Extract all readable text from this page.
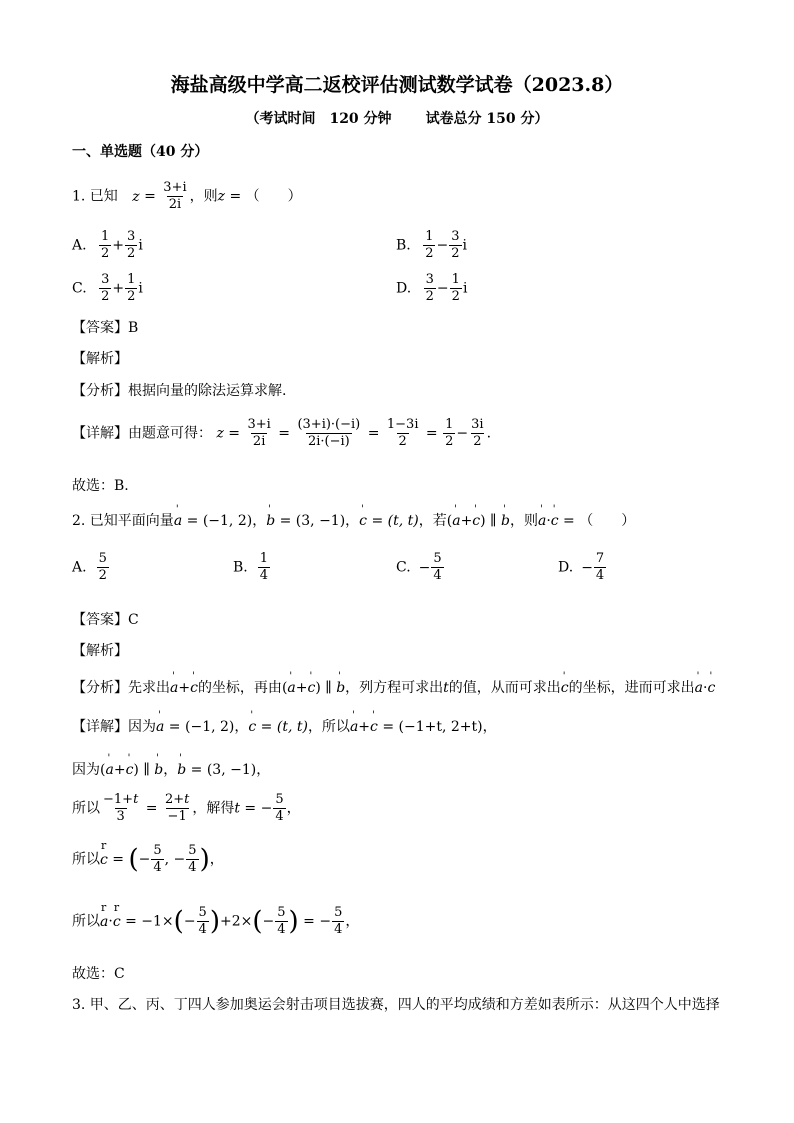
海盐高级中学高二返校评估测试数学试卷（2023.8）
（考试时间　120 分钟 试卷总分 150 分）
一、单选题（40 分）
1. 已知 $z = \frac{3+i}{2i}$ ，则z = （　　）
A. $\frac{1}{2} + \frac{3}{2}$ i	B. $\frac{1}{2} - \frac{3}{2}$ i
C. $\frac{3}{2} + \frac{1}{2}$ i	D. $\frac{3}{2} - \frac{1}{2}$ i
【答案】B
【解析】
【分析】根据向量的除法运算求解.
【详解】由题意可得： $z = \frac{3+i}{2i} = \frac{(3+i)\cdot(-i)}{2i\cdot(-i)} = \frac{1-3i}{2} = \frac{1}{2} - \frac{3i}{2}$ .
故选：B.
2. 已知平面向量' a = (−1, 2)，' b = (3, −1)，' c = (t, t)，若(' a+' c) ∥ ' b，则' a·' c = （　　）
A. $\frac{5}{2}$	B. $\frac{1}{4}$	C. − $\frac{5}{4}$	D. − $\frac{7}{4}$
【答案】C
【解析】
【分析】先求出' a+' c的坐标，再由(' a+' c) ∥ ' b，列方程可求出t的值，从而可求出' c的坐标，进而可求出' a·' c
【详解】因为' a = (−1, 2)，' c = (t, t)，所以' a+' c = (−1+t, 2+t)，
因为(' a+' c) ∥ ' b，' b = (3, −1)，
所以 $\frac{-1+t}{3} = \frac{2+t}{-1}$ ，解得t = − $\frac{5}{4}$ ，
所以r c = (− $\frac{5}{4}$ , − $\frac{5}{4}$ )，
所以r a·r $c = -1\times(- \frac{5}{4} )+2\times(- \frac{5}{4}$ ) = − $\frac{5}{4}$ ，
故选：C
3. 甲、乙、丙、丁四人参加奥运会射击项目选拔赛，四人的平均成绩和方差如表所示：从这四个人中选择
